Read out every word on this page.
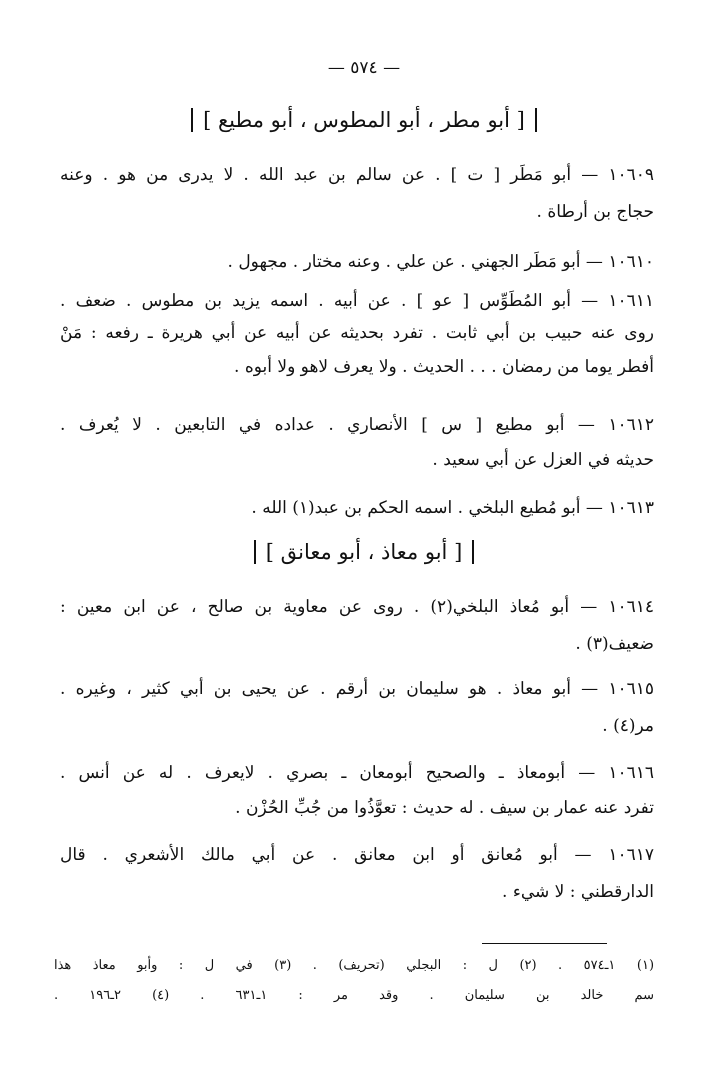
— ٥٧٤ —
[ أبو مطر ، أبو المطوس ، أبو مطيع ]
١٠٦٠٩ — أبو مَطَر [ ت ] . عن سالم بن عبد الله . لا يدرى من هو . وعنه
حجاج بن أرطاة .
١٠٦١٠ — أبو مَطَر الجهني . عن علي . وعنه مختار . مجهول .
١٠٦١١ — أبو المُطَوِّس [ عو ] . عن أبيه . اسمه يزيد بن مطوس . ضعف .
روى عنه حبيب بن أبي ثابت . تفرد بحديثه عن أبيه عن أبي هريرة ـ رفعه : مَنْ
أفطر يوما من رمضان . . . الحديث . ولا يعرف لاهو ولا أبوه .
١٠٦١٢ — أبو مطيع [ س ] الأنصاري . عداده في التابعين . لا يُعرف .
حديثه في العزل عن أبي سعيد .
١٠٦١٣ — أبو مُطيع البلخي . اسمه الحكم بن عبد(١) الله .
[ أبو معاذ ، أبو معانق ]
١٠٦١٤ — أبو مُعاذ البلخي(٢) . روى عن معاوية بن صالح ، عن ابن معين :
ضعيف(٣) .
١٠٦١٥ — أبو معاذ . هو سليمان بن أرقم . عن يحيى بن أبي كثير ، وغيره .
مر(٤) .
١٠٦١٦ — أبومعاذ ـ والصحيح أبومعان ـ بصري . لايعرف . له عن أنس .
تفرد عنه عمار بن سيف . له حديث : تعوَّذُوا من جُبِّ الحُزْن .
١٠٦١٧ — أبو مُعانق أو ابن معانق . عن أبي مالك الأشعري . قال
الدارقطني : لا شيء .
(١) ١ـ٥٧٤ . (٢) ل : البجلي (تحريف) . (٣) في ل : وأبو معاذ هذا
سم خالد بن سليمان . وقد مر : ١ـ٦٣١ . (٤) ٢ـ١٩٦ .
